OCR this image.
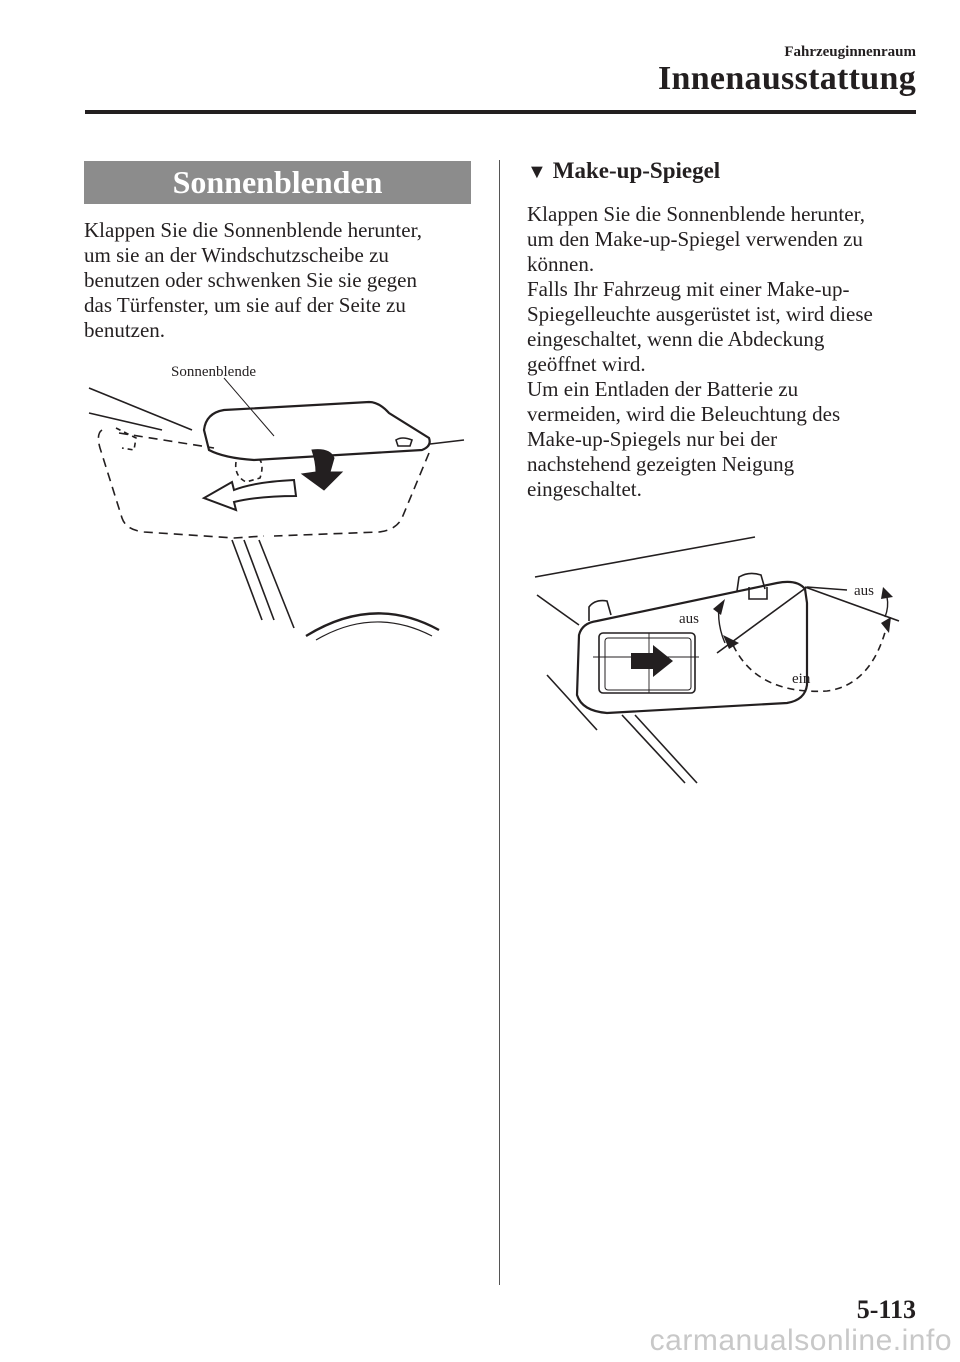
Fahrzeuginnenraum
Innenausstattung
Sonnenblenden
Klappen Sie die Sonnenblende herunter,
um sie an der Windschutzscheibe zu
benutzen oder schwenken Sie sie gegen
das Türfenster, um sie auf der Seite zu
benutzen.
Sonnenblende
▼ Make-up-Spiegel
Klappen Sie die Sonnenblende herunter,
um den Make-up-Spiegel verwenden zu
können.
Falls Ihr Fahrzeug mit einer Make-up-
Spiegelleuchte ausgerüstet ist, wird diese
eingeschaltet, wenn die Abdeckung
geöffnet wird.
Um ein Entladen der Batterie zu
vermeiden, wird die Beleuchtung des
Make-up-Spiegels nur bei der
nachstehend gezeigten Neigung
eingeschaltet.
aus
aus
ein
5-113
carmanualsonline.info
